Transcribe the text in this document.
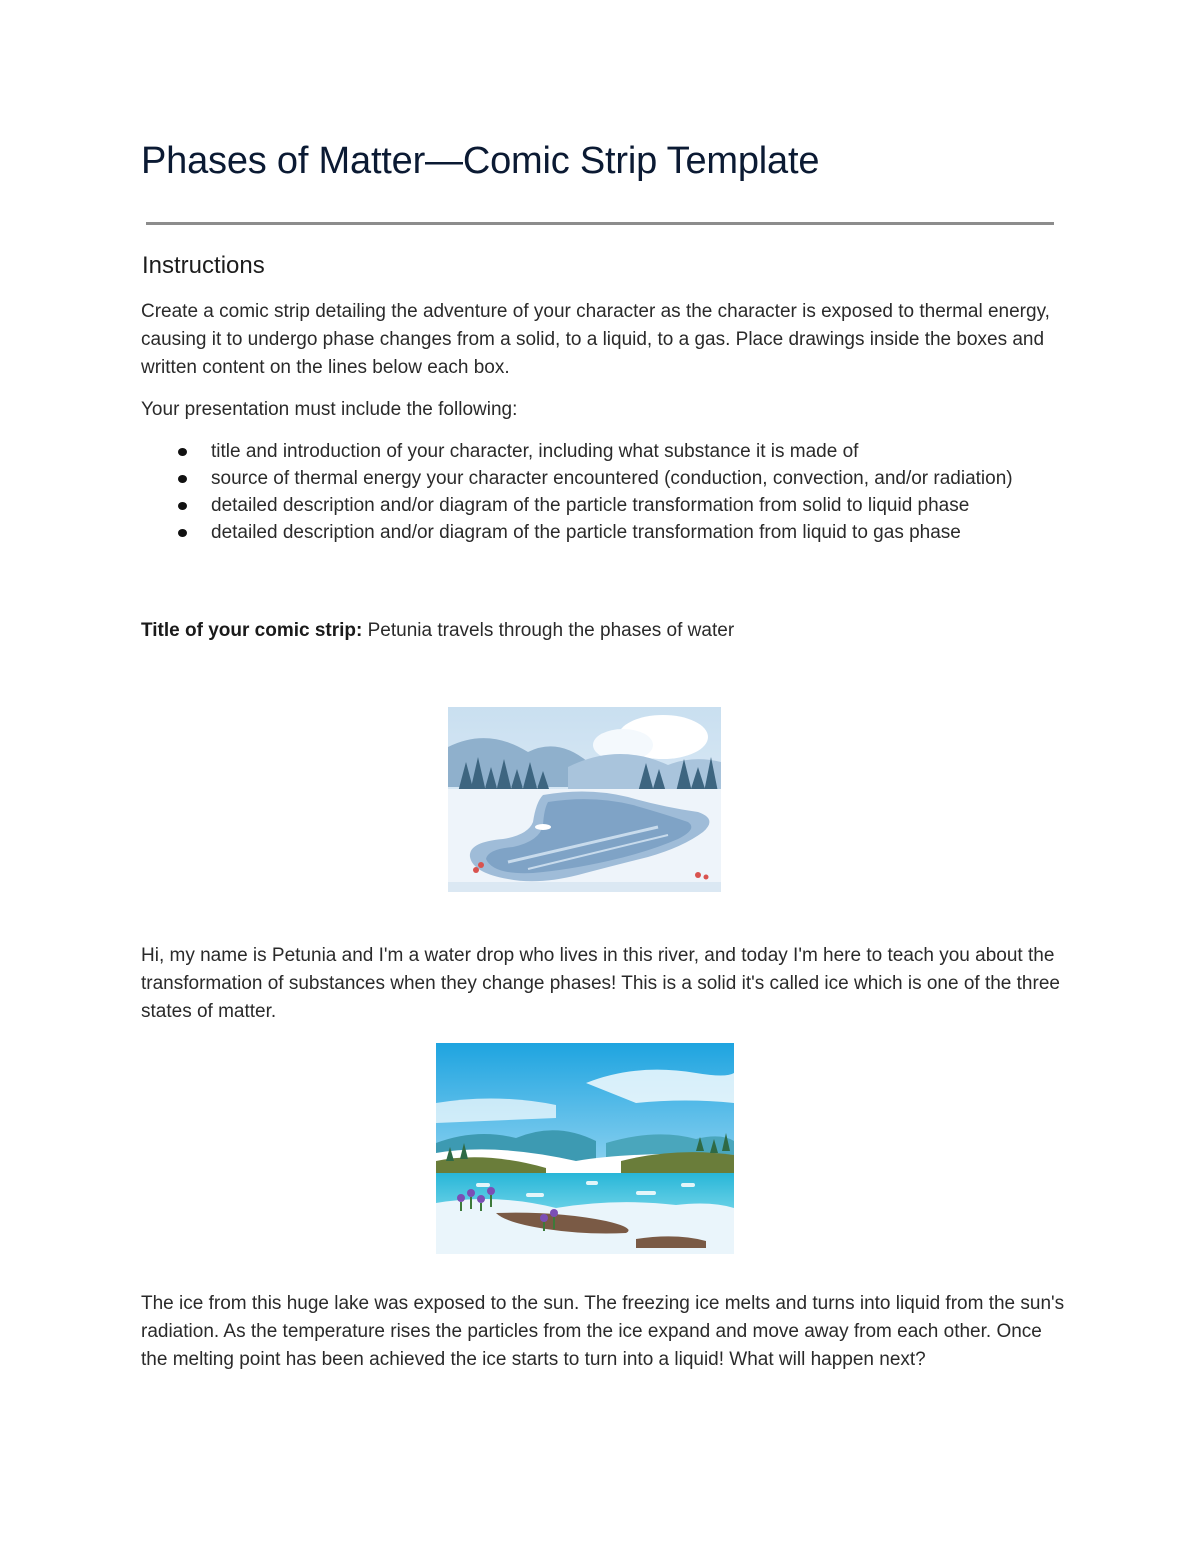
Phases of Matter—Comic Strip Template
Instructions

Create a comic strip detailing the adventure of your character as the character is exposed to thermal energy, causing it to undergo phase changes from a solid, to a liquid, to a gas. Place drawings inside the boxes and written content on the lines below each box.

Your presentation must include the following:

title and introduction of your character, including what substance it is made of
source of thermal energy your character encountered (conduction, convection, and/or radiation)
detailed description and/or diagram of the particle transformation from solid to liquid phase
detailed description and/or diagram of the particle transformation from liquid to gas phase
Title of your comic strip: Petunia travels through the phases of water

Hi, my name is Petunia and I'm a water drop who lives in this river, and today I'm here to teach you about the transformation of substances when they change phases! This is a solid it's called ice which is one of the three states of matter.

The ice from this huge lake was exposed to the sun. The freezing ice melts and turns into liquid from the sun's radiation. As the temperature rises the particles from the ice expand and move away from each other. Once the melting point has been achieved the ice starts to turn into a liquid! What will happen next?
